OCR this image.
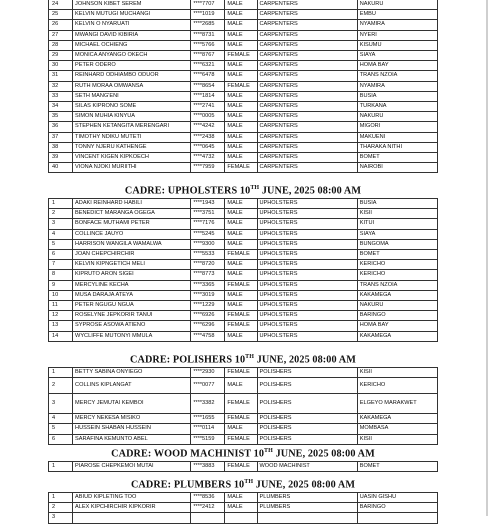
24	JOHNSON KIBET SEREM	****7707	MALE	CARPENTERS	NAKURU
25	KELVIN MUTUGI MUCHANGI	****1019	MALE	CARPENTERS	EMBU
26	KELVIN O NYARUATI	****2685	MALE	CARPENTERS	NYAMIRA
27	MWANGI DAVID KIBIRIA	****8731	MALE	CARPENTERS	NYERI
28	MICHAEL OCHIENG	****5766	MALE	CARPENTERS	KISUMU
29	MONICA ANYANGO OKECH	****8767	FEMALE	CARPENTERS	SIAYA
30	PETER ODERO	****6321	MALE	CARPENTERS	HOMA BAY
31	REINHARD ODHIAMBO ODUOR	****6478	MALE	CARPENTERS	TRANS NZOIA
32	RUTH MORAA OMWANSA	****8654	FEMALE	CARPENTERS	NYAMIRA
33	SETH MANG'ENI	****1814	MALE	CARPENTERS	BUSIA
34	SILAS KIPRONO SOME	****2741	MALE	CARPENTERS	TURKANA
35	SIMON MUHIA KINYUA	****0005	MALE	CARPENTERS	NAKURU
36	STEPHEN KETANGITA MERENGARI	****4242	MALE	CARPENTERS	MIGORI
37	TIMOTHY NDIKU MUTETI	****2438	MALE	CARPENTERS	MAKUENI
38	TONNY NJERU KATHENGE	****0645	MALE	CARPENTERS	THARAKA NITHI
39	VINCENT KIGEN KIPKOECH	****4732	MALE	CARPENTERS	BOMET
40	VIONA NJOKI MURIITHI	****7959	FEMALE	CARPENTERS	NAIROBI
CADRE: UPHOLSTERS 10TH JUNE, 2025 08:00 AM
1	ADAKI REINHARD HABILI	****1943	MALE	UPHOLSTERS	BUSIA
2	BENEDICT MARANGA OGEGA	****3751	MALE	UPHOLSTERS	KISII
3	BONFACE MUTHAMI PETER	****7176	MALE	UPHOLSTERS	KITUI
4	COLLINCE JAUYO	****5245	MALE	UPHOLSTERS	SIAYA
5	HARRISON WANGILA WAMALWA	****9300	MALE	UPHOLSTERS	BUNGOMA
6	JOAN CHEPCHIRCHIR	****5533	FEMALE	UPHOLSTERS	BOMET
7	KELVIN KIPNGETICH MELI	****8720	MALE	UPHOLSTERS	KERICHO
8	KIPRUTO ARON SIGEI	****8773	MALE	UPHOLSTERS	KERICHO
9	MERCYLINE KECHA	****3365	FEMALE	UPHOLSTERS	TRANS NZOIA
10	MUSA DARAJA ATEYA	****3019	MALE	UPHOLSTERS	KAKAMEGA
11	PETER NGUGU NGUA	****1229	MALE	UPHOLSTERS	NAKURU
12	ROSELYNE JEPKORIR TANUI	****6926	FEMALE	UPHOLSTERS	BARINGO
13	SYPROSE ASOWA ATIENO	****6296	FEMALE	UPHOLSTERS	HOMA BAY
14	WYCLIFFE MUTONYI MMULA	****4758	MALE	UPHOLSTERS	KAKAMEGA
CADRE: POLISHERS 10TH JUNE, 2025 08:00 AM
1	BETTY SABINA ONYIEGO	****2930	FEMALE	POLISHERS	KISII
2	COLLINS KIPLANGAT	****0077	MALE	POLISHERS	KERICHO
3	MERCY JEMUTAI KEMBOI	****3382	FEMALE	POLISHERS	ELGEYO MARAKWET
4	MERCY NEKESA MISIKO	****1655	FEMALE	POLISHERS	KAKAMEGA
5	HUSSEIN SHABAN HUSSEIN	****0114	MALE	POLISHERS	MOMBASA
6	SARAFINA KEMUNTO ABEL	****5159	FEMALE	POLISHERS	KISII
CADRE: WOOD MACHINIST 10TH JUNE, 2025 08:00 AM
1	PIAROSE CHEPKEMOI MUTAI	****3883	FEMALE	WOOD MACHINIST	BOMET
CADRE: PLUMBERS 10TH JUNE, 2025 08:00 AM
1	ABIUD KIPLETING TOO	****8536	MALE	PLUMBERS	UASIN GISHU
2	ALEX KIPCHIRCHIR KIPKORIR	****2412	MALE	PLUMBERS	BARINGO
3					
